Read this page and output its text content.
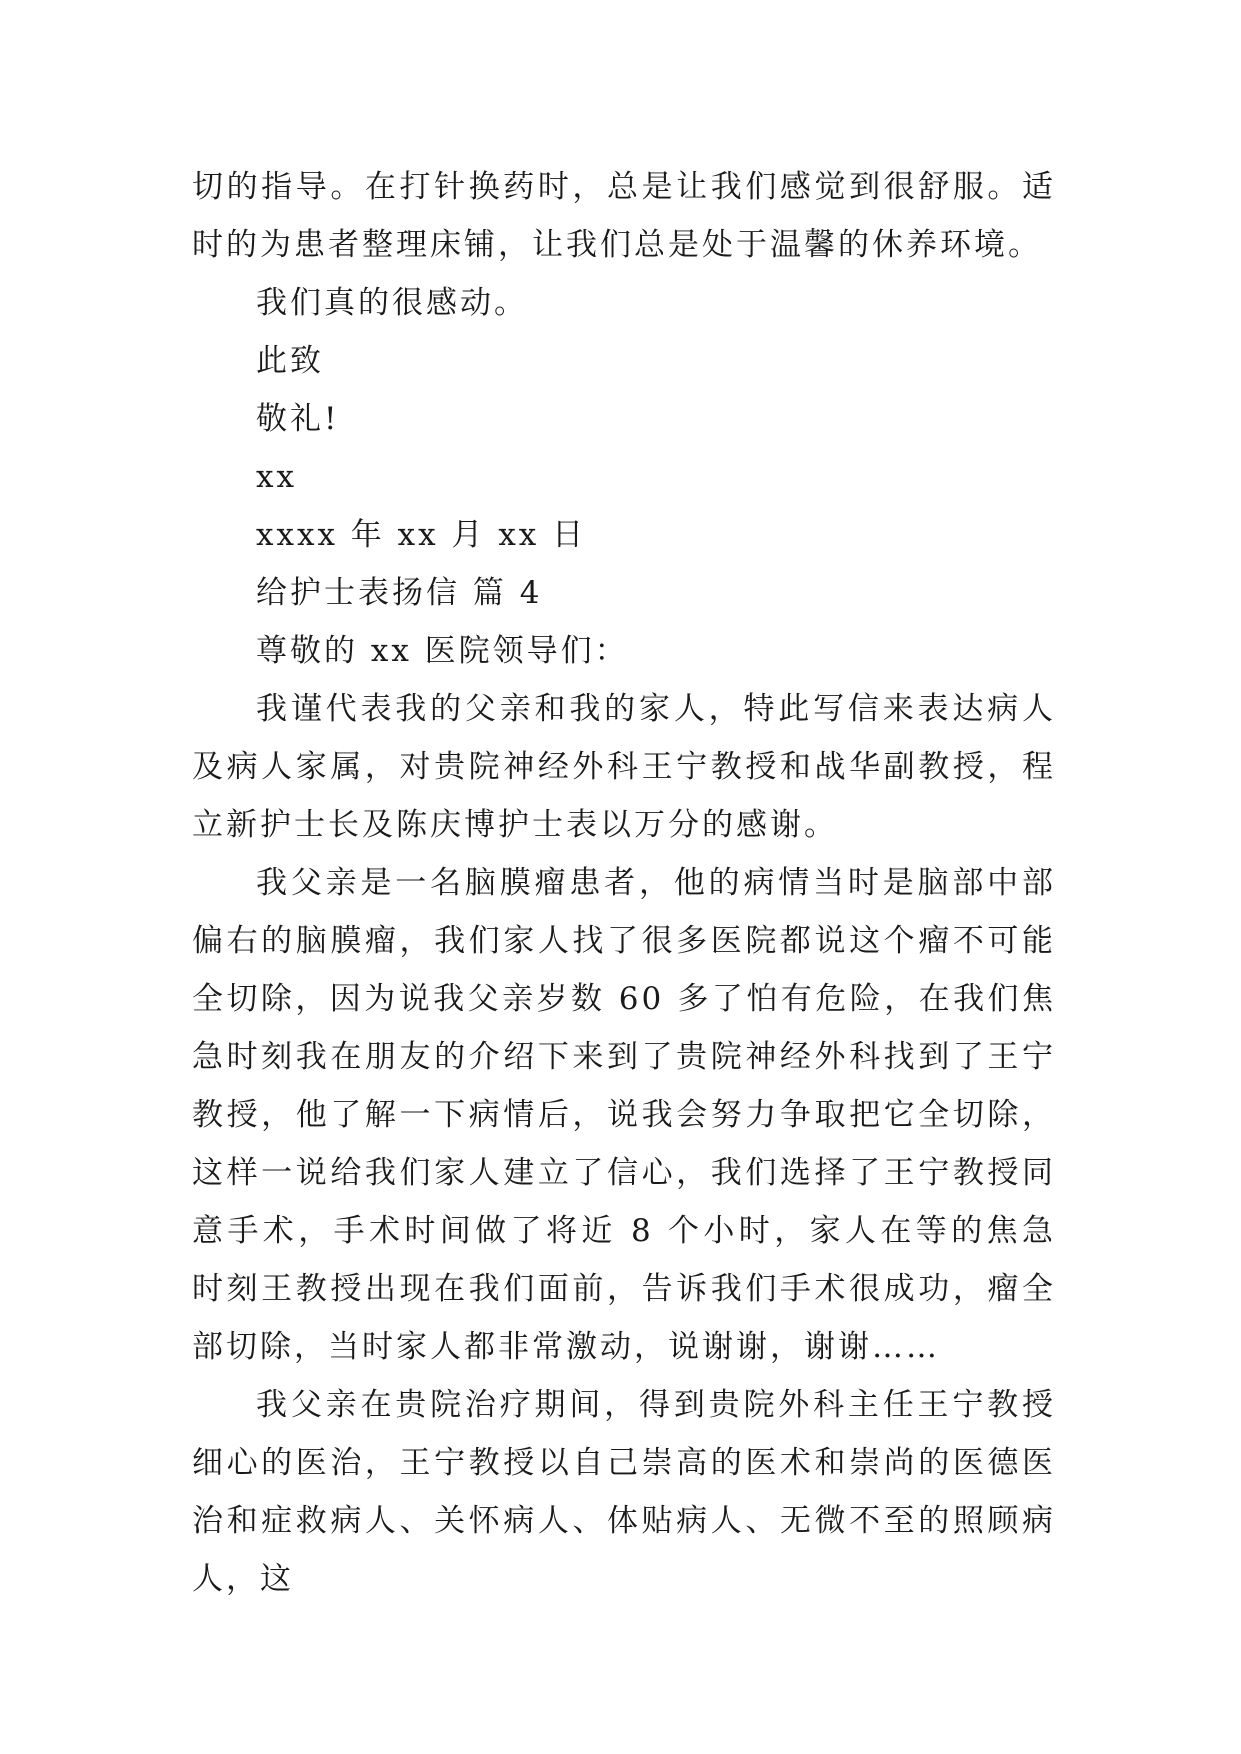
切的指导。在打针换药时，总是让我们感觉到很舒服。适时的为患者整理床铺，让我们总是处于温馨的休养环境。

我们真的很感动。

此致

敬礼!

xx

xxxx 年 xx 月 xx 日

给护士表扬信 篇 4

尊敬的 xx 医院领导们：

我谨代表我的父亲和我的家人，特此写信来表达病人及病人家属，对贵院神经外科王宁教授和战华副教授，程立新护士长及陈庆博护士表以万分的感谢。

我父亲是一名脑膜瘤患者，他的病情当时是脑部中部偏右的脑膜瘤，我们家人找了很多医院都说这个瘤不可能全切除，因为说我父亲岁数 60 多了怕有危险，在我们焦急时刻我在朋友的介绍下来到了贵院神经外科找到了王宁教授，他了解一下病情后，说我会努力争取把它全切除，这样一说给我们家人建立了信心，我们选择了王宁教授同意手术，手术时间做了将近 8 个小时，家人在等的焦急时刻王教授出现在我们面前，告诉我们手术很成功，瘤全部切除，当时家人都非常激动，说谢谢，谢谢……

我父亲在贵院治疗期间，得到贵院外科主任王宁教授细心的医治，王宁教授以自己崇高的医术和崇尚的医德医治和症救病人、关怀病人、体贴病人、无微不至的照顾病人，这
